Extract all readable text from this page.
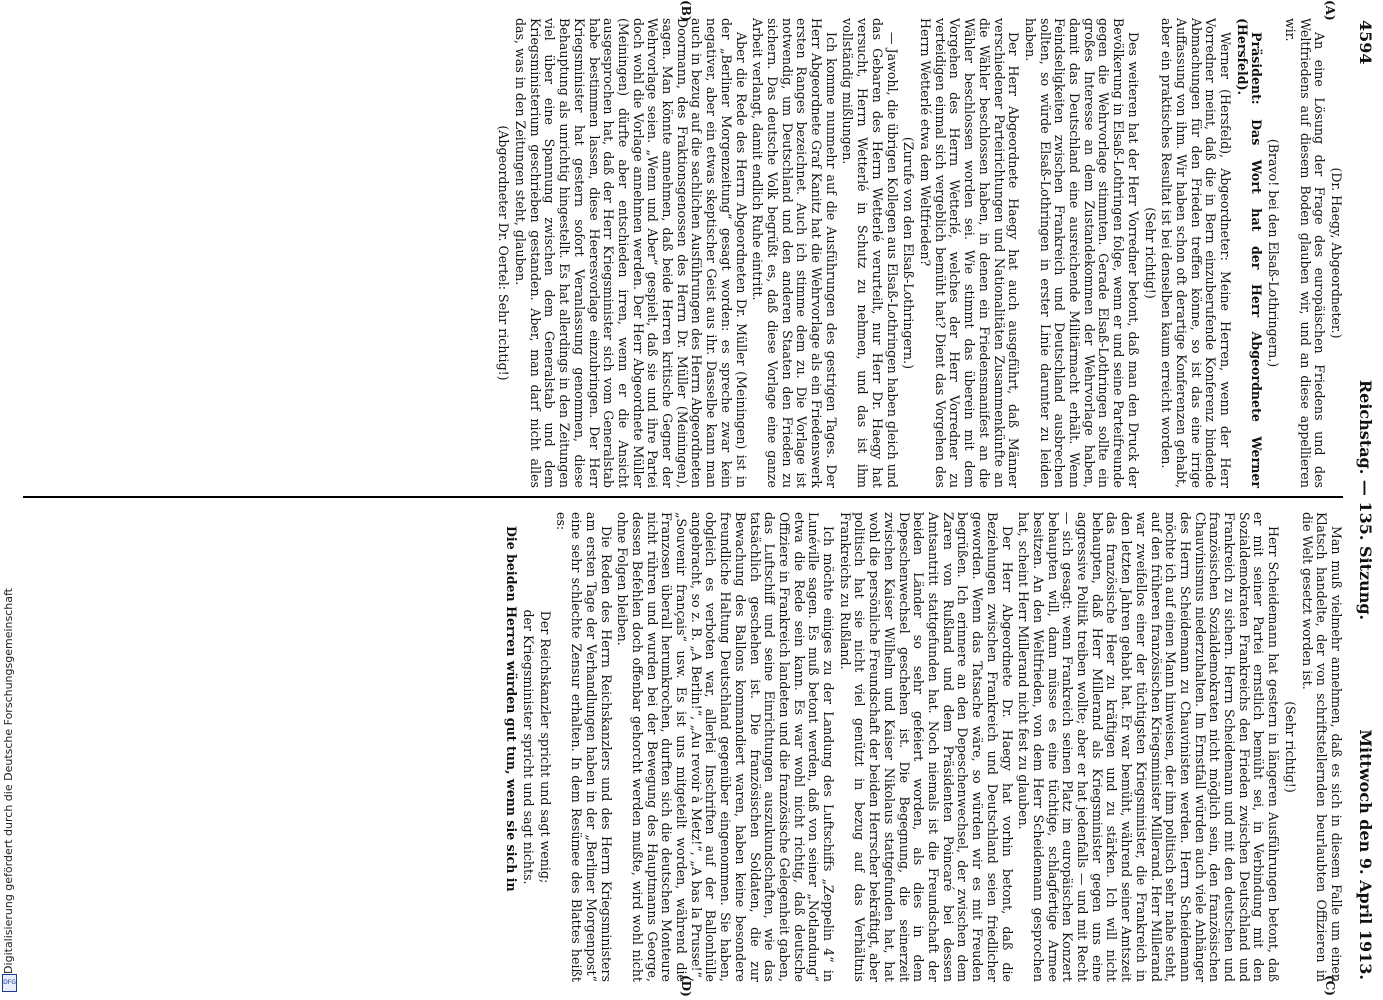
4594
Reichstag. — 135. Sitzung.
Mittwoch den 9. April 1913.
(A)
(B)
(C)
(D)

(Dr. Haegy, Abgeordneter.)

An eine Lösung der Frage des europäischen Friedens und des Weltfriedens auf diesem Boden glauben wir, und an diese appellieren wir.

(Bravo! bei den Elsaß-Lothringern.)

Präsident: Das Wort hat der Herr Abgeordnete Werner (Hersfeld).

Werner (Hersfeld), Abgeordneter: Meine Herren, wenn der Herr Vorredner meint, daß die in Bern einzuberufende Konferenz bindende Abmachungen für den Frieden treffen könne, so ist das eine irrige Auffassung von ihm. Wir haben schon oft derartige Konferenzen gehabt, aber ein praktisches Resultat ist bei denselben kaum erreicht worden.

(Sehr richtig!)

Des weiteren hat der Herr Vorredner betont, daß man den Druck der Bevölkerung in Elsaß-Lothringen folge, wenn er und seine Parteifreunde gegen die Wehrvorlage stimmten. Gerade Elsaß-Lothringen sollte ein großes Interesse an dem Zustandekommen der Wehrvorlage haben, damit das Deutschland eine ausreichende Militärmacht erhält. Wenn Feindseligkeiten zwischen Frankreich und Deutschland ausbrechen sollten, so würde Elsaß-Lothringen in erster Linie darunter zu leiden haben.

Der Herr Abgeordnete Haegy hat auch ausgeführt, daß Männer verschiedener Parteirichtungen und Nationalitäten Zusammenkünfte an die Wähler beschlossen haben, in denen ein Friedensmanifest an die Wähler beschlossen worden sei. Wie stimmt das überein mit dem Vorgehen des Herrn Wetterlé, welches der Herr Vorredner zu verteidigen einmal sich vergeblich bemüht hat? Dient das Vorgehen des Herrn Wetterlé etwa dem Weltfrieden?

(Zurufe von den Elsaß-Lothringern.)

— Jawohl, die übrigen Kollegen aus Elsaß-Lothringen haben gleich und das Gebaren des Herrn Wetterlé verurteilt, nur Herr Dr. Haegy hat versucht, Herrn Wetterlé in Schutz zu nehmen, und das ist ihm vollständig mißlungen.

Ich komme nunmehr auf die Ausführungen des gestrigen Tages. Der Herr Abgeordnete Graf Kanitz hat die Wehrvorlage als ein Friedenswerk ersten Ranges bezeichnet. Auch ich stimme dem zu. Die Vorlage ist notwendig, um Deutschland und den anderen Staaten den Frieden zu sichern. Das deutsche Volk begrüßt es, daß diese Vorlage eine ganze Arbeit verlangt, damit endlich Ruhe eintritt.

Aber die Rede des Herrn Abgeordneten Dr. Müller (Meiningen) ist in der „Berliner Morgenzeitung“ gesagt worden: es spreche zwar kein negativer, aber ein etwas skeptischer Geist aus ihr. Dasselbe kann man auch in bezug auf die sachlichen Ausführungen des Herrn Abgeordneten Doormann, des Fraktionsgenossen des Herrn Dr. Müller (Meiningen), sagen. Man könnte annehmen, daß beide Herren kritische Gegner der Wehrvorlage seien. „Wenn und Aber“ gespielt, daß sie und ihre Partei doch wohl die Vorlage annehmen werden. Der Herr Abgeordnete Müller (Meiningen) dürfte aber entschieden irren, wenn er die Ansicht ausgesprochen hat, daß der Herr Kriegsminister sich vom Generalstab habe bestimmen lassen, diese Heeresvorlage einzubringen. Der Herr Kriegsminister hat gestern sofort Veranlassung genommen, diese Behauptung als unrichtig hingestellt. Es hat allerdings in den Zeitungen viel über eine Spannung zwischen dem Generalstab und dem Kriegsministerium geschrieben gestanden. Aber, man darf nicht alles das, was in den Zeitungen steht, glauben.

(Abgeordneter Dr. Oertel: Sehr richtig!)

Man muß vielmehr annehmen, daß es sich in diesem Falle um einen Klatsch handelte, der von schriftstellernden beurlaubten Offizieren in die Welt gesetzt worden ist.

(Sehr richtig!)

Herr Scheidemann hat gestern in längeren Ausführungen betont, daß er mit seiner Partei ernstlich bemüht sei, in Verbindung mit den Sozialdemokraten Frankreichs den Frieden zwischen Deutschland und Frankreich zu sichern. Herrn Scheidemann und mit den deutschen und französischen Sozialdemokraten nicht möglich sein, den französischen Chauvinismus niederzuhalten. Im Ernstfall würden auch viele Anhänger des Herrn Scheidemann zu Chauvinisten werden. Herrn Scheidemann möchte ich auf einen Mann hinweisen, der ihm politisch sehr nahe steht, auf den früheren französischen Kriegsminister Millerand. Herr Millerand war zweifellos einer der tüchtigsten Kriegsminister, die Frankreich in den letzten Jahren gehabt hat. Er war bemüht, während seiner Amtszeit das französische Heer zu kräftigen und zu stärken. Ich will nicht behaupten, daß Herr Millerand als Kriegsminister gegen uns eine aggressive Politik treiben wollte; aber er hat jedenfalls — und mit Recht — sich gesagt: wenn Frankreich seinen Platz im europäischen Konzert behaupten will, dann müsse es eine tüchtige, schlagfertige Armee besitzen. An den Weltfrieden, von dem Herr Scheidemann gesprochen hat, scheint Herr Millerand nicht fest zu glauben.

Der Herr Abgeordnete Dr. Haegy hat vorhin betont, daß die Beziehungen zwischen Frankreich und Deutschland seien friedlicher geworden. Wenn das Tatsache wäre, so würden wir es mit Freuden begrüßen. Ich erinnere an den Depeschenwechsel, der zwischen dem Zaren von Rußland und dem Präsidenten Poincaré bei dessen Amtsantritt stattgefunden hat. Noch niemals ist die Freundschaft der beiden Länder so sehr gefeiert worden, als dies in dem Depeschenwechsel geschehen ist. Die Begegnung, die seinerzeit zwischen Kaiser Wilhelm und Kaiser Nikolaus stattgefunden hat, hat wohl die persönliche Freundschaft der beiden Herrscher bekräftigt, aber politisch hat sie nicht viel genützt in bezug auf das Verhältnis Frankreichs zu Rußland.

Ich möchte einiges zu der Landung des Luftschiffs „Zeppelin 4“ in Lunéville sagen. Es muß betont werden, daß von seiner „Notlandung“ etwa die Rede sein kann. Es war wohl nicht richtig, daß deutsche Offiziere in Frankreich landeten und die französische Gelegenheit gaben, das Luftschiff und seine Einrichtungen auszukundschaften, wie das tatsächlich geschehen ist. Die französischen Soldaten, die zur Bewachung des Ballons kommandiert waren, haben keine besondere freundliche Haltung Deutschland gegenüber eingenommen. Sie haben, obgleich es verboten war, allerlei Inschriften auf der Ballonhülle angebracht, so z. B. „A Berlin!“, „Au revoir à Metz!“, „A bas la Prusse!“, „Souvenir français“ usw. Es ist uns mitgeteilt worden, während die Franzosen überall herumkrochen, durften sich die deutschen Monteure nicht rühren und wurden bei der Bewegung des Hauptmanns George, dessen Befehlen doch offenbar gehorcht werden mußte, wird wohl nicht ohne Folgen bleiben.

Die Reden des Herrn Reichskanzlers und des Herrn Kriegsministers am ersten Tage der Verhandlungen haben in der „Berliner Morgenpost“ eine sehr schlechte Zensur erhalten. In dem Resümee des Blattes heißt es:

Der Reichskanzler spricht und sagt wenig;

der Kriegsminister spricht und sagt nichts.

Die beiden Herren würden gut tun, wenn sie sich in

Digitalisierung gefördert durch die Deutsche Forschungsgemeinschaft
DFG
